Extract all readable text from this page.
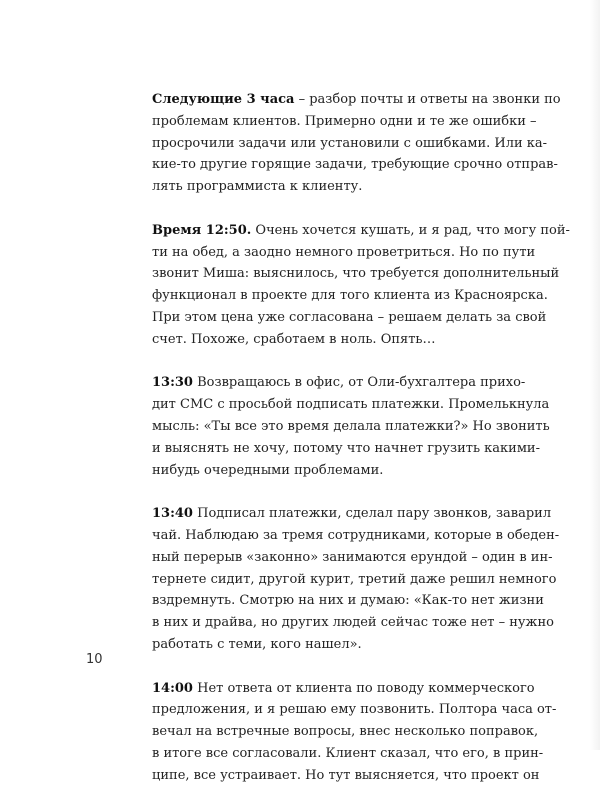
Следующие 3 часа – разбор почты и ответы на звонки по
проблемам клиентов. Примерно одни и те же ошибки –
просрочили задачи или установили с ошибками. Или ка-
кие-то другие горящие задачи, требующие срочно отправ-
лять программиста к клиенту.
Время 12:50. Очень хочется кушать, и я рад, что могу пой-
ти на обед, а заодно немного проветриться. Но по пути
звонит Миша: выяснилось, что требуется дополнительный
функционал в проекте для того клиента из Красноярска.
При этом цена уже согласована – решаем делать за свой
счет. Похоже, сработаем в ноль. Опять…
13:30 Возвращаюсь в офис, от Оли-бухгалтера прихо-
дит СМС с просьбой подписать платежки. Промелькнула
мысль: «Ты все это время делала платежки?» Но звонить
и выяснять не хочу, потому что начнет грузить какими-
нибудь очередными проблемами.
13:40 Подписал платежки, сделал пару звонков, заварил
чай. Наблюдаю за тремя сотрудниками, которые в обеден-
ный перерыв «законно» занимаются ерундой – один в ин-
тернете сидит, другой курит, третий даже решил немного
вздремнуть. Смотрю на них и думаю: «Как-то нет жизни
в них и драйва, но других людей сейчас тоже нет – нужно
работать с теми, кого нашел».
14:00 Нет ответа от клиента по поводу коммерческого
предложения, и я решаю ему позвонить. Полтора часа от-
вечал на встречные вопросы, внес несколько поправок,
в итоге все согласовали. Клиент сказал, что его, в прин-
ципе, все устраивает. Но тут выясняется, что проект он
10
